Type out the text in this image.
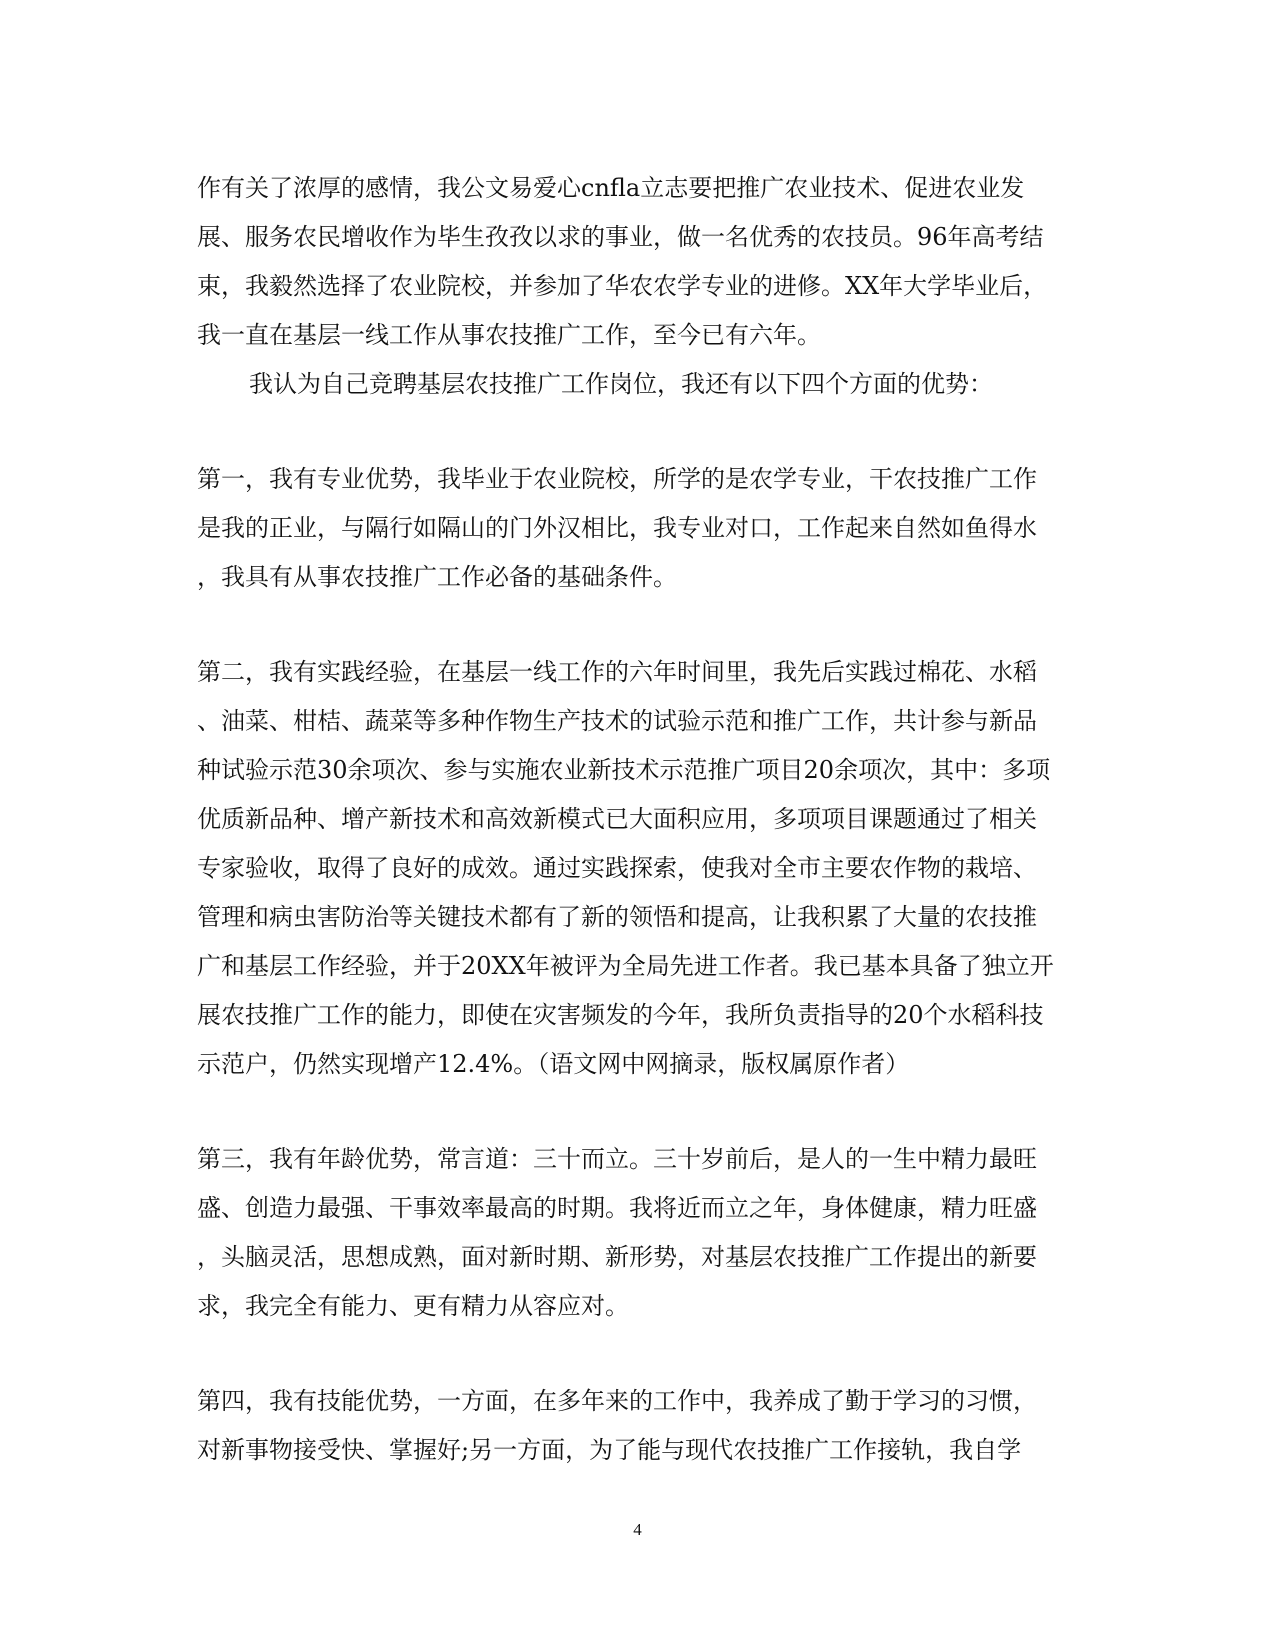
作有关了浓厚的感情，我公文易爱心cnfla立志要把推广农业技术、促进农业发
展、服务农民增收作为毕生孜孜以求的事业，做一名优秀的农技员。96年高考结
束，我毅然选择了农业院校，并参加了华农农学专业的进修。XX年大学毕业后，
我一直在基层一线工作从事农技推广工作，至今已有六年。
我认为自己竞聘基层农技推广工作岗位，我还有以下四个方面的优势：
第一，我有专业优势，我毕业于农业院校，所学的是农学专业，干农技推广工作
是我的正业，与隔行如隔山的门外汉相比，我专业对口，工作起来自然如鱼得水
，我具有从事农技推广工作必备的基础条件。
第二，我有实践经验，在基层一线工作的六年时间里，我先后实践过棉花、水稻
、油菜、柑桔、蔬菜等多种作物生产技术的试验示范和推广工作，共计参与新品
种试验示范30余项次、参与实施农业新技术示范推广项目20余项次，其中：多项
优质新品种、增产新技术和高效新模式已大面积应用，多项项目课题通过了相关
专家验收，取得了良好的成效。通过实践探索，使我对全市主要农作物的栽培、
管理和病虫害防治等关键技术都有了新的领悟和提高，让我积累了大量的农技推
广和基层工作经验，并于20XX年被评为全局先进工作者。我已基本具备了独立开
展农技推广工作的能力，即使在灾害频发的今年，我所负责指导的20个水稻科技
示范户，仍然实现增产12.4%。（语文网中网摘录，版权属原作者）
第三，我有年龄优势，常言道：三十而立。三十岁前后，是人的一生中精力最旺
盛、创造力最强、干事效率最高的时期。我将近而立之年，身体健康，精力旺盛
，头脑灵活，思想成熟，面对新时期、新形势，对基层农技推广工作提出的新要
求，我完全有能力、更有精力从容应对。
第四，我有技能优势，一方面，在多年来的工作中，我养成了勤于学习的习惯，
对新事物接受快、掌握好;另一方面，为了能与现代农技推广工作接轨，我自学
4
